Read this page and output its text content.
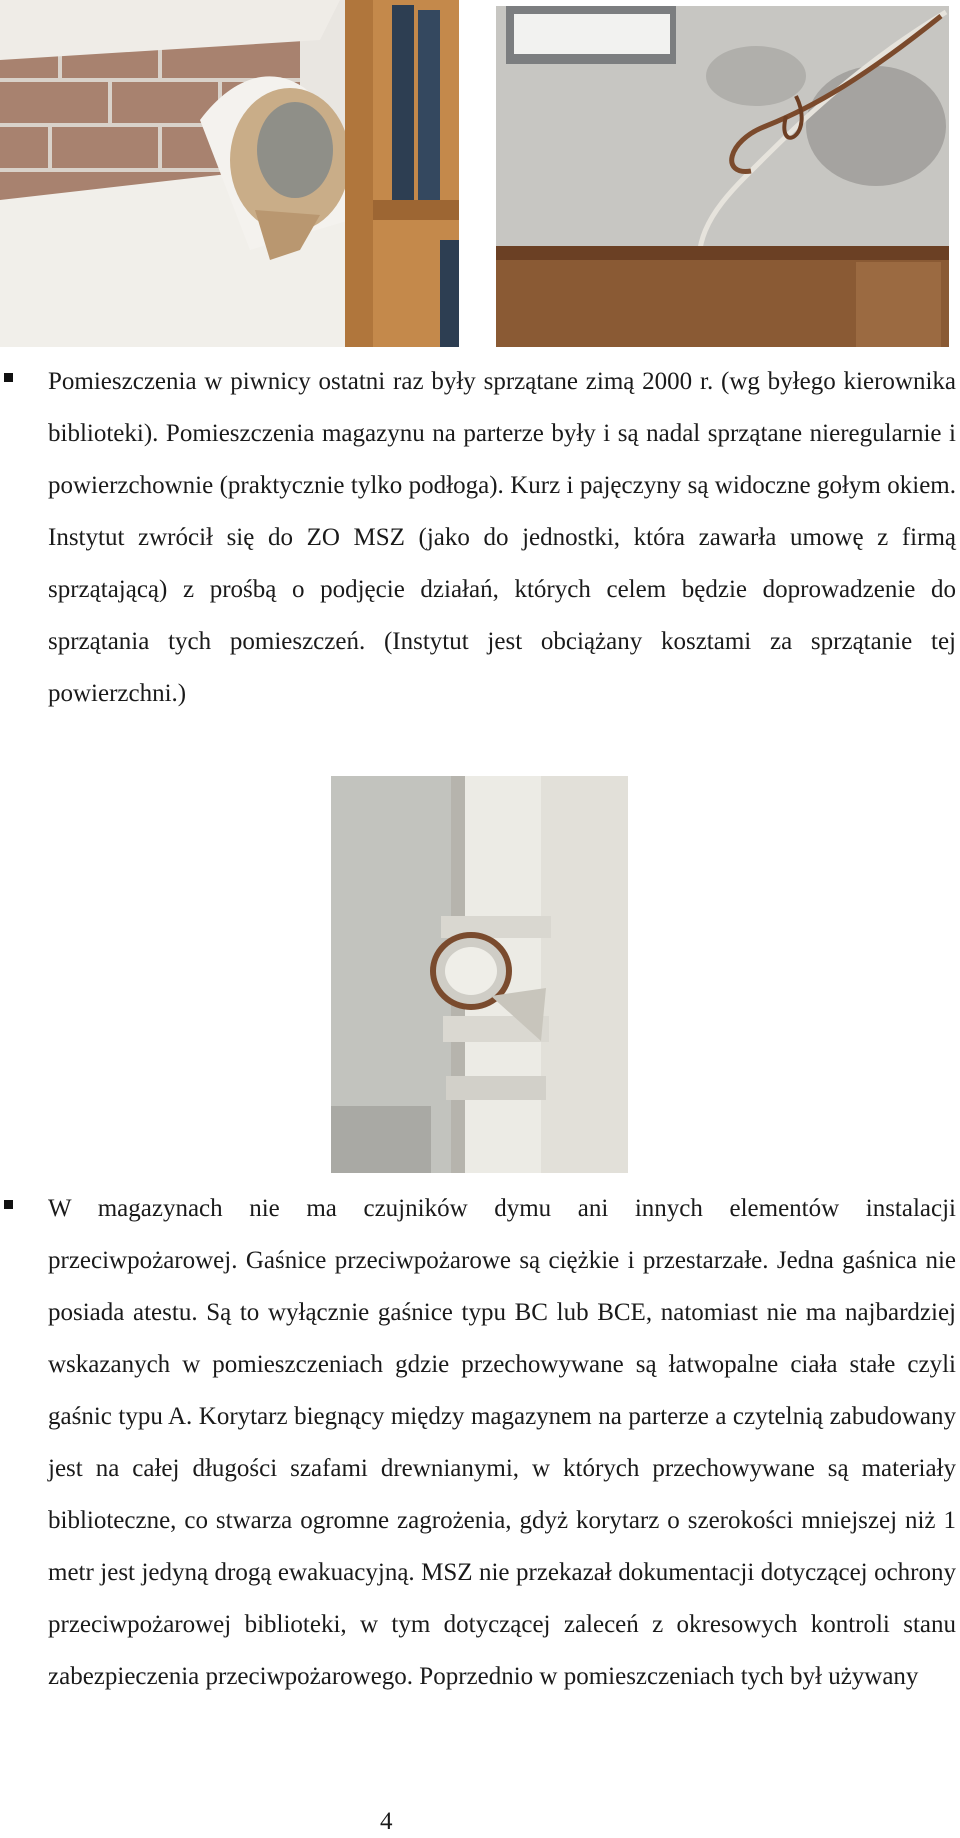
Pomieszczenia w piwnicy ostatni raz były sprzątane zimą 2000 r. (wg byłego kierownika biblioteki). Pomieszczenia magazynu na parterze były i są nadal sprzątane nieregularnie i powierzchownie (praktycznie tylko podłoga). Kurz i pajęczyny są widoczne gołym okiem. Instytut zwrócił się do ZO MSZ (jako do jednostki, która zawarła umowę z firmą sprzątającą) z prośbą o podjęcie działań, których celem będzie doprowadzenie do sprzątania tych pomieszczeń. (Instytut jest obciążany kosztami za sprzątanie tej powierzchni.)
W magazynach nie ma czujników dymu ani innych elementów instalacji przeciwpożarowej. Gaśnice przeciwpożarowe są ciężkie i przestarzałe. Jedna gaśnica nie posiada atestu. Są to wyłącznie gaśnice typu BC lub BCE, natomiast nie ma najbardziej wskazanych w pomieszczeniach gdzie przechowywane są łatwopalne ciała stałe czyli gaśnic typu A. Korytarz biegnący między magazynem na parterze a czytelnią zabudowany jest na całej długości szafami drewnianymi, w których przechowywane są materiały biblioteczne, co stwarza ogromne zagrożenia, gdyż korytarz o szerokości mniejszej niż 1 metr jest jedyną drogą ewakuacyjną. MSZ nie przekazał dokumentacji dotyczącej ochrony przeciwpożarowej biblioteki, w tym dotyczącej zaleceń z okresowych kontroli stanu zabezpieczenia przeciwpożarowego. Poprzednio w pomieszczeniach tych był używany
4
